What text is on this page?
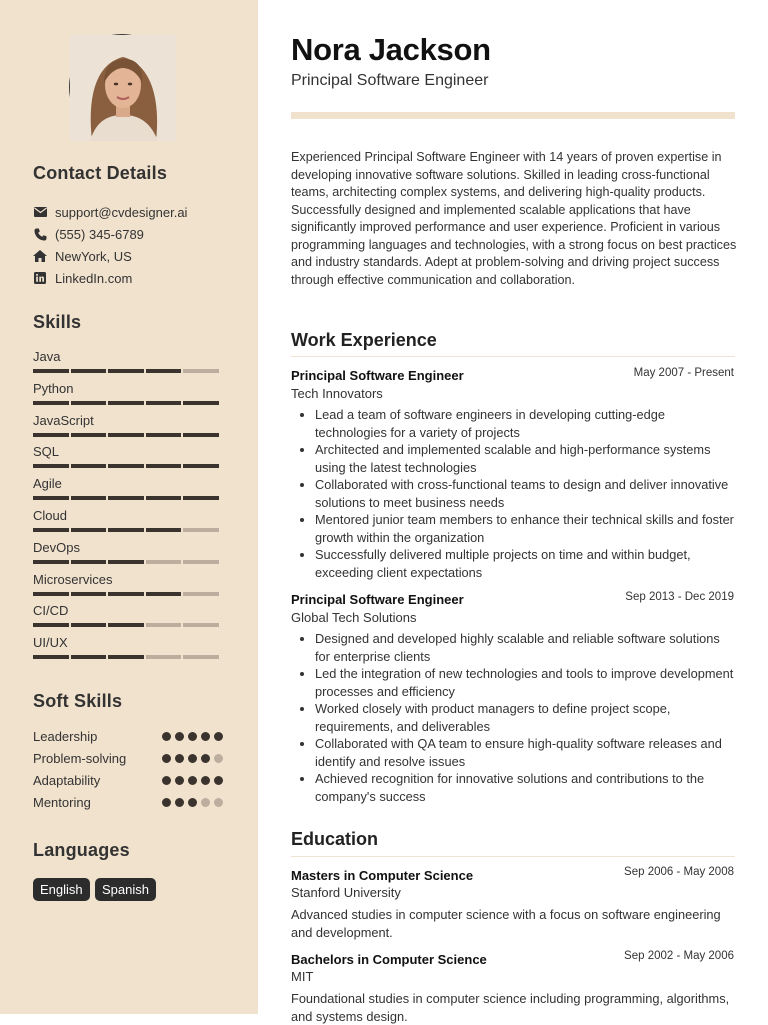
Contact Details
support@cvdesigner.ai
(555) 345-6789
NewYork, US
LinkedIn.com
Skills
Java
Python
JavaScript
SQL
Agile
Cloud
DevOps
Microservices
CI/CD
UI/UX
Soft Skills
Leadership
Problem-solving
Adaptability
Mentoring
Languages
English	Spanish
Nora Jackson
Principal Software Engineer
Experienced Principal Software Engineer with 14 years of proven expertise in developing innovative software solutions. Skilled in leading cross-functional teams, architecting complex systems, and delivering high-quality products. Successfully designed and implemented scalable applications that have significantly improved performance and user experience. Proficient in various programming languages and technologies, with a strong focus on best practices and industry standards. Adept at problem-solving and driving project success through effective communication and collaboration.
Work Experience
Principal Software Engineer	May 2007 - Present
Tech Innovators
Lead a team of software engineers in developing cutting-edge technologies for a variety of projects
Architected and implemented scalable and high-performance systems using the latest technologies
Collaborated with cross-functional teams to design and deliver innovative solutions to meet business needs
Mentored junior team members to enhance their technical skills and foster growth within the organization
Successfully delivered multiple projects on time and within budget, exceeding client expectations
Principal Software Engineer	Sep 2013 - Dec 2019
Global Tech Solutions
Designed and developed highly scalable and reliable software solutions for enterprise clients
Led the integration of new technologies and tools to improve development processes and efficiency
Worked closely with product managers to define project scope, requirements, and deliverables
Collaborated with QA team to ensure high-quality software releases and identify and resolve issues
Achieved recognition for innovative solutions and contributions to the company's success
Education
Masters in Computer Science	Sep 2006 - May 2008
Stanford University
Advanced studies in computer science with a focus on software engineering and development.
Bachelors in Computer Science	Sep 2002 - May 2006
MIT
Foundational studies in computer science including programming, algorithms, and systems design.
